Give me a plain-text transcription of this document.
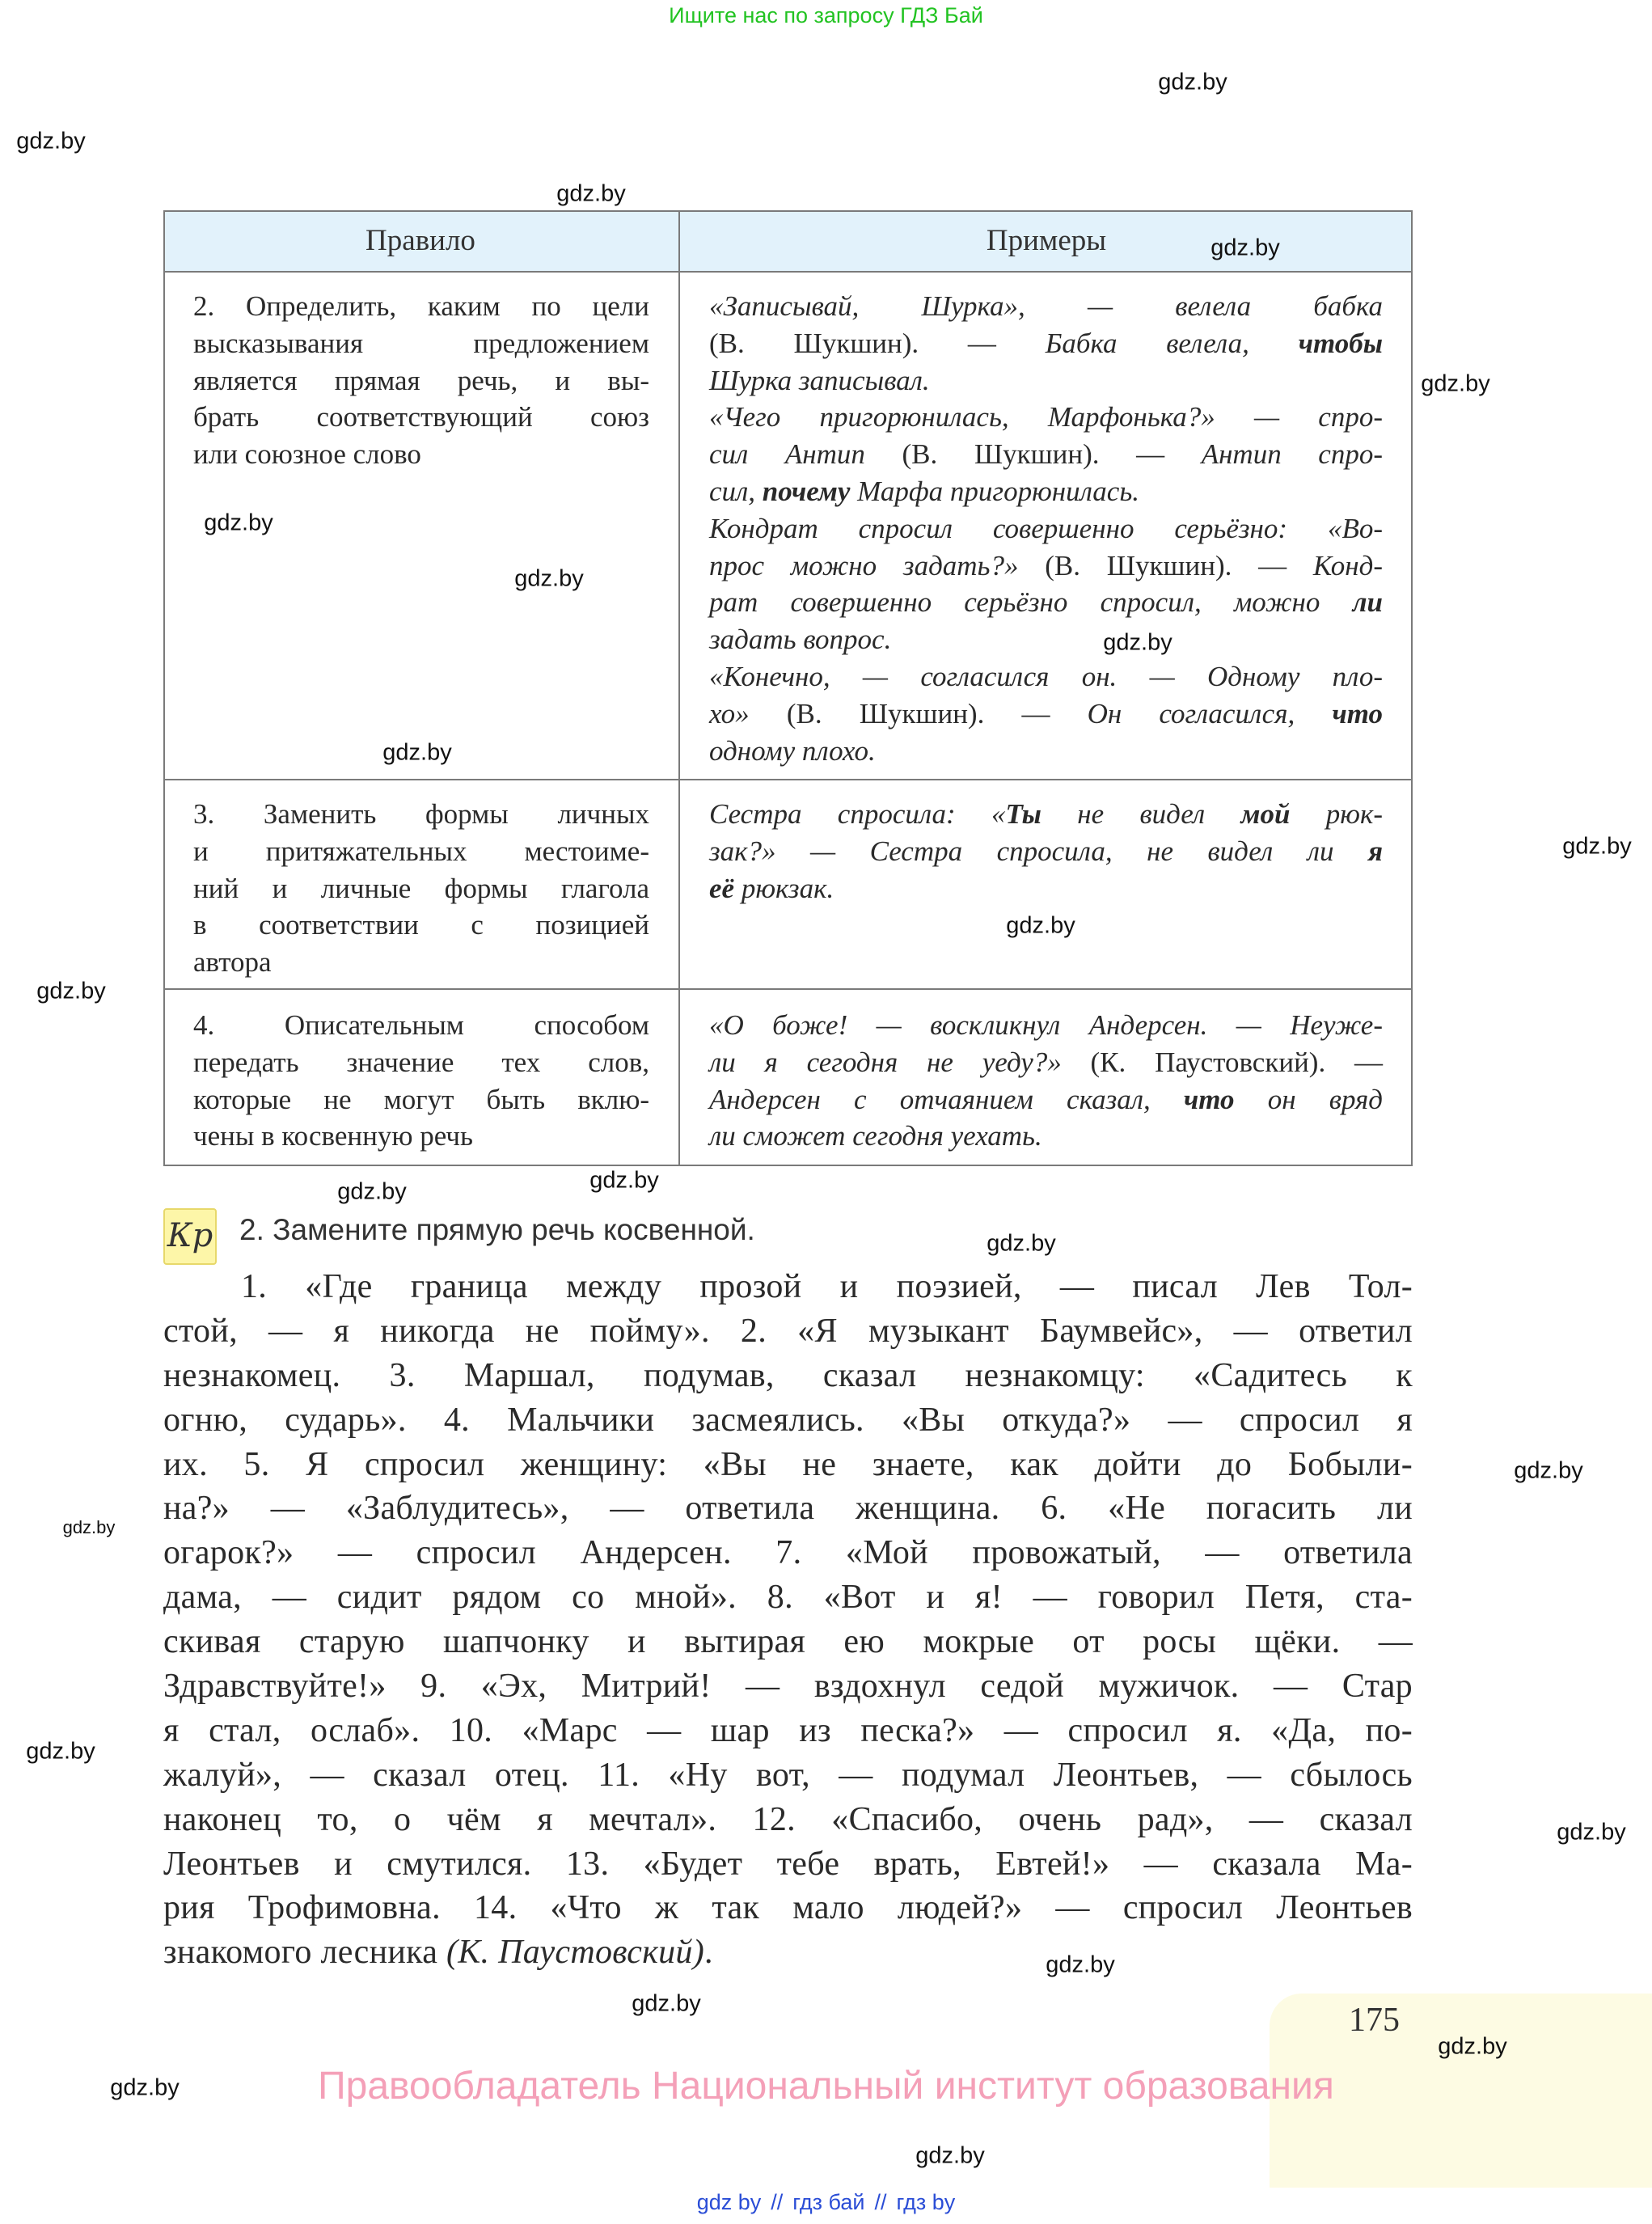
Ищите нас по запросу ГДЗ Бай
Правило	Примеры
2. Определить, каким по цели
высказывания предложением
является прямая речь, и вы-
брать соответствующий союз
или союзное слово
«Записывай, Шурка», — велела бабка
(В. Шукшин). — Бабка велела, чтобы
Шурка записывал.
«Чего пригорюнилась, Марфонька?» — спро-
сил Антип (В. Шукшин). — Антип спро-
сил, почему Марфа пригорюнилась.
Кондрат спросил совершенно серьёзно: «Во-
прос можно задать?» (В. Шукшин). — Конд-
рат совершенно серьёзно спросил, можно ли
задать вопрос.
«Конечно, — согласился он. — Одному пло-
хо» (В. Шукшин). — Он согласился, что
одному плохо.
3. Заменить формы личных
и притяжательных местоиме-
ний и личные формы глагола
в соответствии с позицией
автора
Сестра спросила: «Ты не видел мой рюк-
зак?» — Сестра спросила, не видел ли я
её рюкзак.
4. Описательным способом
передать значение тех слов,
которые не могут быть вклю-
чены в косвенную речь
«О боже! — воскликнул Андерсен. — Неуже-
ли я сегодня не уеду?» (К. Паустовский). —
Андерсен с отчаянием сказал, что он вряд
ли сможет сегодня уехать.
Кр 2. Замените прямую речь косвенной.
1. «Где граница между прозой и поэзией, — писал Лев Тол-
стой, — я никогда не пойму». 2. «Я музыкант Баумвейс», — ответил
незнакомец. 3. Маршал, подумав, сказал незнакомцу: «Садитесь к
огню, сударь». 4. Мальчики засмеялись. «Вы откуда?» — спросил я
их. 5. Я спросил женщину: «Вы не знаете, как дойти до Бобыли-
на?» — «Заблудитесь», — ответила женщина. 6. «Не погасить ли
огарок?» — спросил Андерсен. 7. «Мой провожатый, — ответила
дама, — сидит рядом со мной». 8. «Вот и я! — говорил Петя, ста-
скивая старую шапчонку и вытирая ею мокрые от росы щёки. —
Здравствуйте!» 9. «Эх, Митрий! — вздохнул седой мужичок. — Стар
я стал, ослаб». 10. «Марс — шар из песка?» — спросил я. «Да, по-
жалуй», — сказал отец. 11. «Ну вот, — подумал Леонтьев, — сбылось
наконец то, о чём я мечтал». 12. «Спасибо, очень рад», — сказал
Леонтьев и смутился. 13. «Будет тебе врать, Евтей!» — сказала Ма-
рия Трофимовна. 14. «Что ж так мало людей?» — спросил Леонтьев
знакомого лесника (К. Паустовский).
175
Правообладатель Национальный институт образования
gdz by // гдз бай // гдз by
gdz.by
gdz.by
gdz.by
gdz.by
gdz.by
gdz.by
gdz.by
gdz.by
gdz.by
gdz.by
gdz.by
gdz.by
gdz.by
gdz.by
gdz.by
gdz.by
gdz.by
gdz.by
gdz.by
gdz.by
gdz.by
gdz.by
gdz.by
gdz.by
